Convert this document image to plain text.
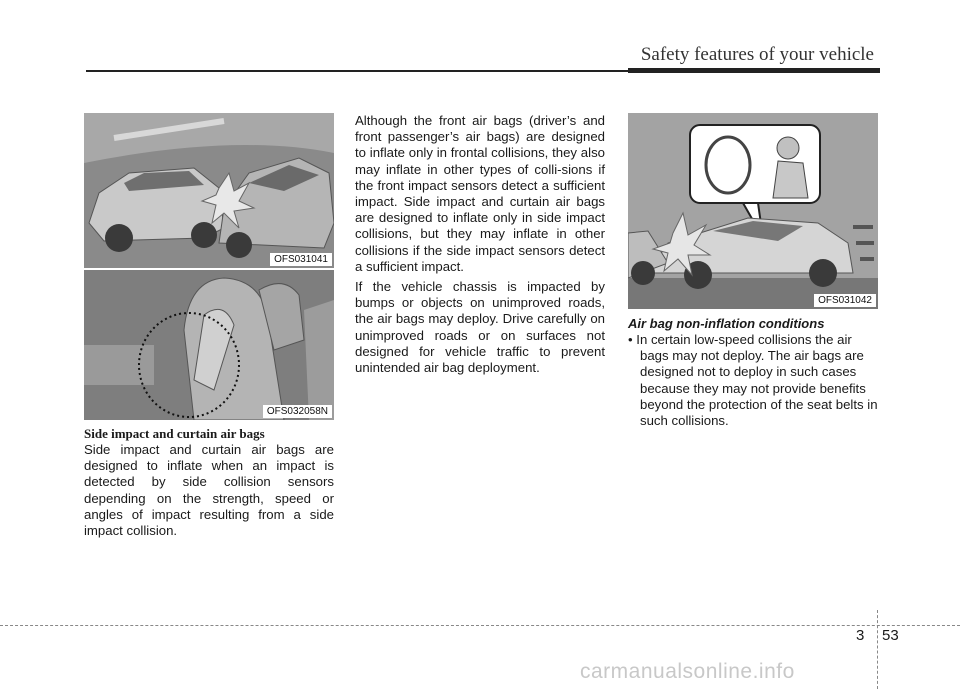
Safety features of your vehicle
OFS031041
OFS032058N
OFS031042
Side impact and curtain air bags
Side impact and curtain air bags are designed to inflate when an impact is detected by side collision sensors depending on the strength, speed or angles of impact resulting from a side impact collision.

Although the front air bags (driver’s and front passenger’s air bags) are designed to inflate only in frontal collisions, they also may inflate in other types of colli-sions if the front impact sensors detect a sufficient impact. Side impact and curtain air bags are designed to inflate only in side impact collisions, but they may inflate in other collisions if the side impact sensors detect a sufficient impact.

If the vehicle chassis is impacted by bumps or objects on unimproved roads, the air bags may deploy. Drive carefully on unimproved roads or on surfaces not designed for vehicle traffic to prevent unintended air bag deployment.

Air bag non-inflation conditions
• In certain low-speed collisions the air bags may not deploy. The air bags are designed not to deploy in such cases because they may not provide benefits beyond the protection of the seat belts in such collisions.
3 53
carmanualsonline.info
